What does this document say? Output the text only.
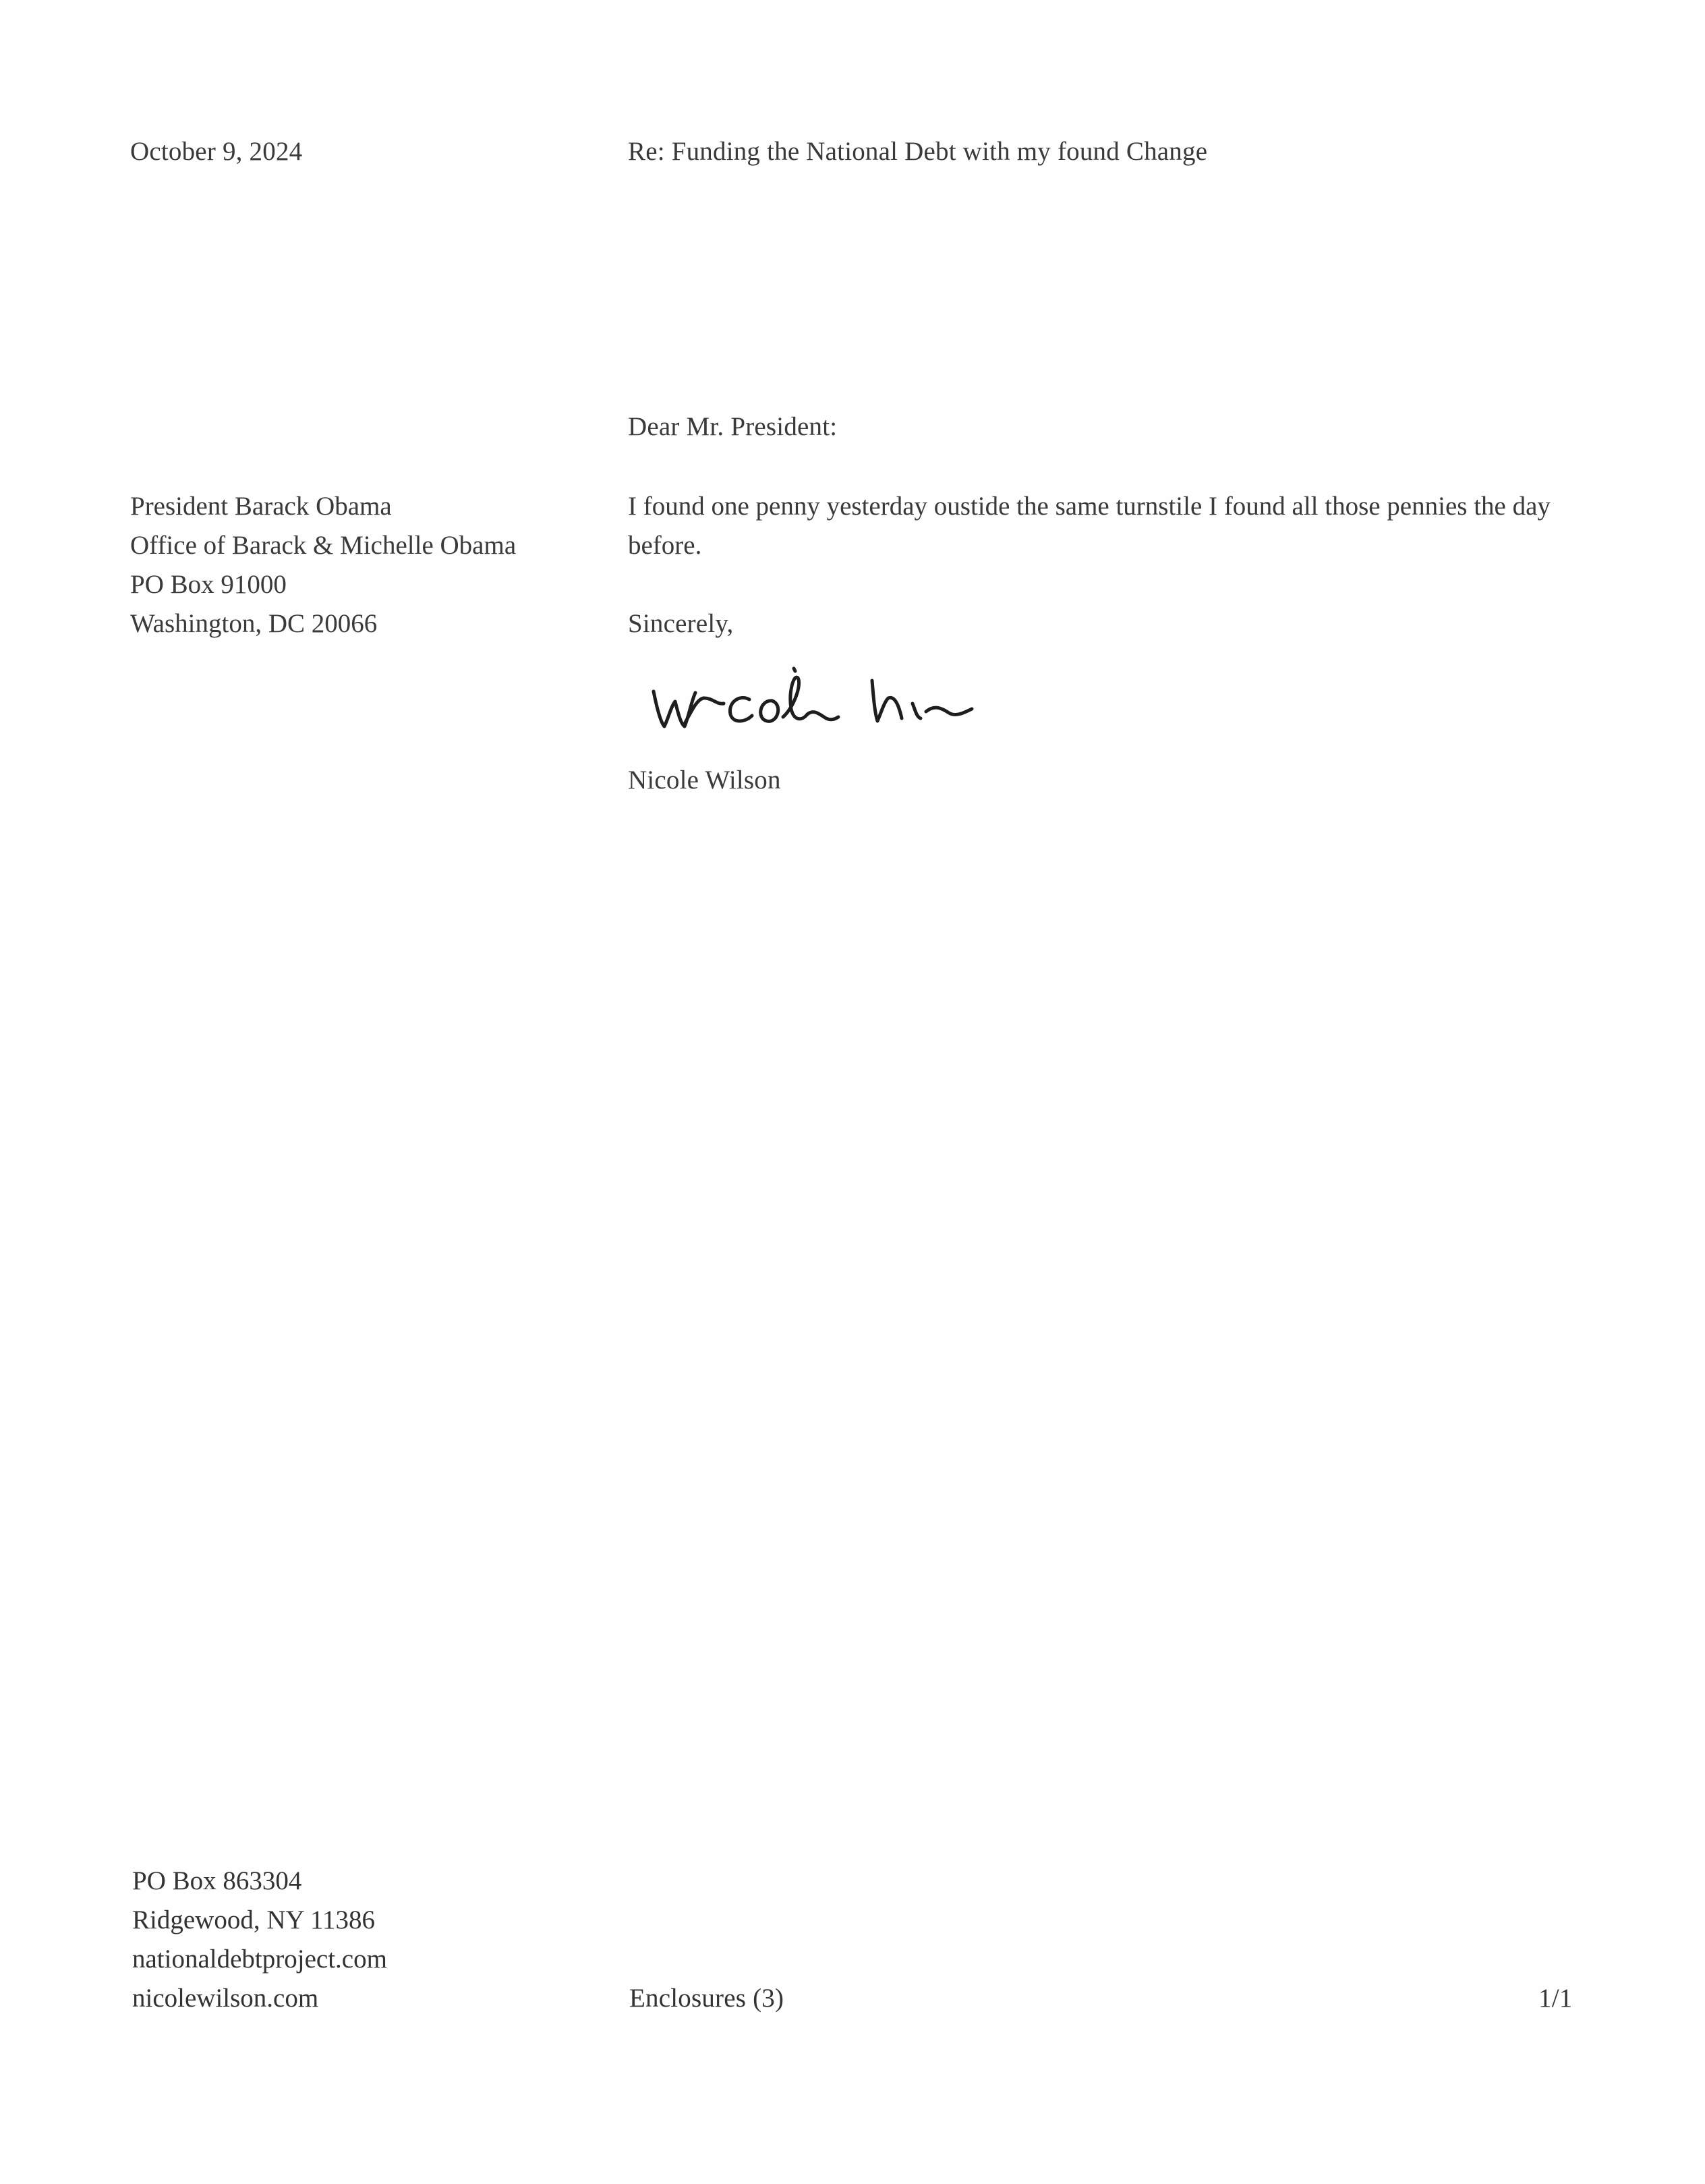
October 9, 2024	Re: Funding the National Debt with my found Change
Dear Mr. President:
President Barack Obama
Office of Barack & Michelle Obama
PO Box 91000
Washington, DC 20066
I found one penny yesterday oustide the same turnstile I found all those pennies the day before.
Sincerely,
Nicole Wilson
PO Box 863304
Ridgewood, NY 11386
nationaldebtproject.com
nicolewilson.com	Enclosures (3)	1/1
